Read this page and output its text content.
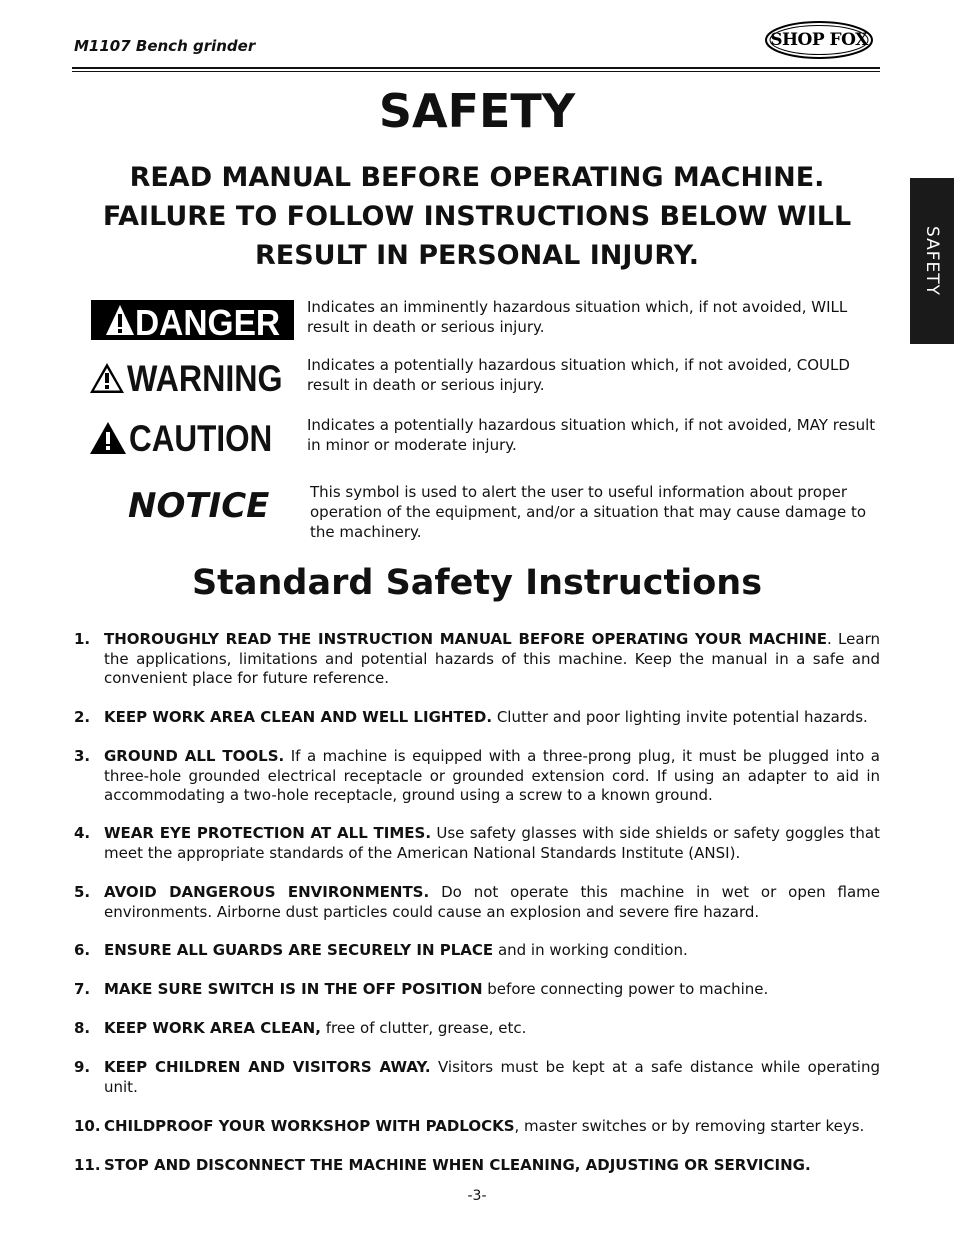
M1107 Bench grinder	SHOP FOX
SAFETY
SAFETY
READ MANUAL BEFORE OPERATING MACHINE.
FAILURE TO FOLLOW INSTRUCTIONS BELOW WILL
RESULT IN PERSONAL INJURY.
DANGER Indicates an imminently hazardous situation which, if not avoided, WILL result in death or serious injury.
WARNING Indicates a potentially hazardous situation which, if not avoided, COULD result in death or serious injury.
CAUTION Indicates a potentially hazardous situation which, if not avoided, MAY result in minor or moderate injury.
NOTICE	This symbol is used to alert the user to useful information about proper operation of the equipment, and/or a situation that may cause damage to the machinery.
Standard Safety Instructions
1. THOROUGHLY READ THE INSTRUCTION MANUAL BEFORE OPERATING YOUR MACHINE. Learn the applications, limitations and potential hazards of this machine. Keep the manual in a safe and convenient place for future reference.
2. KEEP WORK AREA CLEAN AND WELL LIGHTED. Clutter and poor lighting invite potential hazards.
3. GROUND ALL TOOLS. If a machine is equipped with a three-prong plug, it must be plugged into a three-hole grounded electrical receptacle or grounded extension cord. If using an adapter to aid in accommodating a two-hole receptacle, ground using a screw to a known ground.
4. WEAR EYE PROTECTION AT ALL TIMES. Use safety glasses with side shields or safety goggles that meet the appropriate standards of the American National Standards Institute (ANSI).
5. AVOID DANGEROUS ENVIRONMENTS. Do not operate this machine in wet or open flame environments. Airborne dust particles could cause an explosion and severe fire hazard.
6. ENSURE ALL GUARDS ARE SECURELY IN PLACE and in working condition.
7. MAKE SURE SWITCH IS IN THE OFF POSITION before connecting power to machine.
8. KEEP WORK AREA CLEAN, free of clutter, grease, etc.
9. KEEP CHILDREN AND VISITORS AWAY. Visitors must be kept at a safe distance while operating unit.
10. CHILDPROOF YOUR WORKSHOP WITH PADLOCKS, master switches or by removing starter keys.
11. STOP AND DISCONNECT THE MACHINE WHEN CLEANING, ADJUSTING OR SERVICING.
-3-
